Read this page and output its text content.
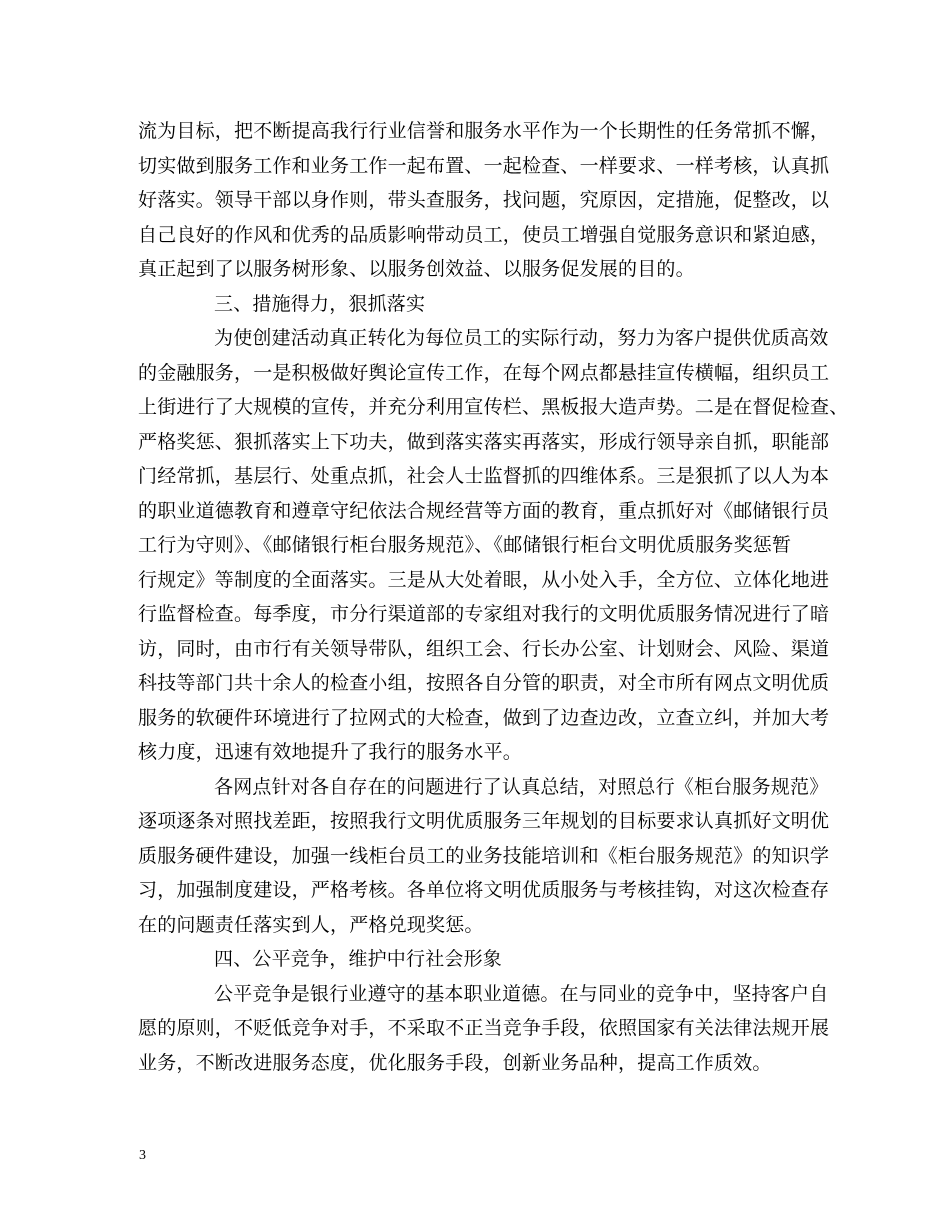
流为目标，把不断提高我行行业信誉和服务水平作为一个长期性的任务常抓不懈，
切实做到服务工作和业务工作一起布置、一起检查、一样要求、一样考核，认真抓
好落实。领导干部以身作则，带头查服务，找问题，究原因，定措施，促整改，以
自己良好的作风和优秀的品质影响带动员工，使员工增强自觉服务意识和紧迫感，
真正起到了以服务树形象、以服务创效益、以服务促发展的目的。
三、措施得力，狠抓落实
为使创建活动真正转化为每位员工的实际行动，努力为客户提供优质高效
的金融服务，一是积极做好舆论宣传工作，在每个网点都悬挂宣传横幅，组织员工
上街进行了大规模的宣传，并充分利用宣传栏、黑板报大造声势。二是在督促检查、
严格奖惩、狠抓落实上下功夫，做到落实落实再落实，形成行领导亲自抓，职能部
门经常抓，基层行、处重点抓，社会人士监督抓的四维体系。三是狠抓了以人为本
的职业道德教育和遵章守纪依法合规经营等方面的教育，重点抓好对《邮储银行员
工行为守则》、《邮储银行柜台服务规范》、《邮储银行柜台文明优质服务奖惩暂
行规定》等制度的全面落实。三是从大处着眼，从小处入手，全方位、立体化地进
行监督检查。每季度，市分行渠道部的专家组对我行的文明优质服务情况进行了暗
访，同时，由市行有关领导带队，组织工会、行长办公室、计划财会、风险、渠道
科技等部门共十余人的检查小组，按照各自分管的职责，对全市所有网点文明优质
服务的软硬件环境进行了拉网式的大检查，做到了边查边改，立查立纠，并加大考
核力度，迅速有效地提升了我行的服务水平。
各网点针对各自存在的问题进行了认真总结，对照总行《柜台服务规范》
逐项逐条对照找差距，按照我行文明优质服务三年规划的目标要求认真抓好文明优
质服务硬件建设，加强一线柜台员工的业务技能培训和《柜台服务规范》的知识学
习，加强制度建设，严格考核。各单位将文明优质服务与考核挂钩，对这次检查存
在的问题责任落实到人，严格兑现奖惩。
四、公平竞争，维护中行社会形象
公平竞争是银行业遵守的基本职业道德。在与同业的竞争中，坚持客户自
愿的原则，不贬低竞争对手，不采取不正当竞争手段，依照国家有关法律法规开展
业务，不断改进服务态度，优化服务手段，创新业务品种，提高工作质效。
3
